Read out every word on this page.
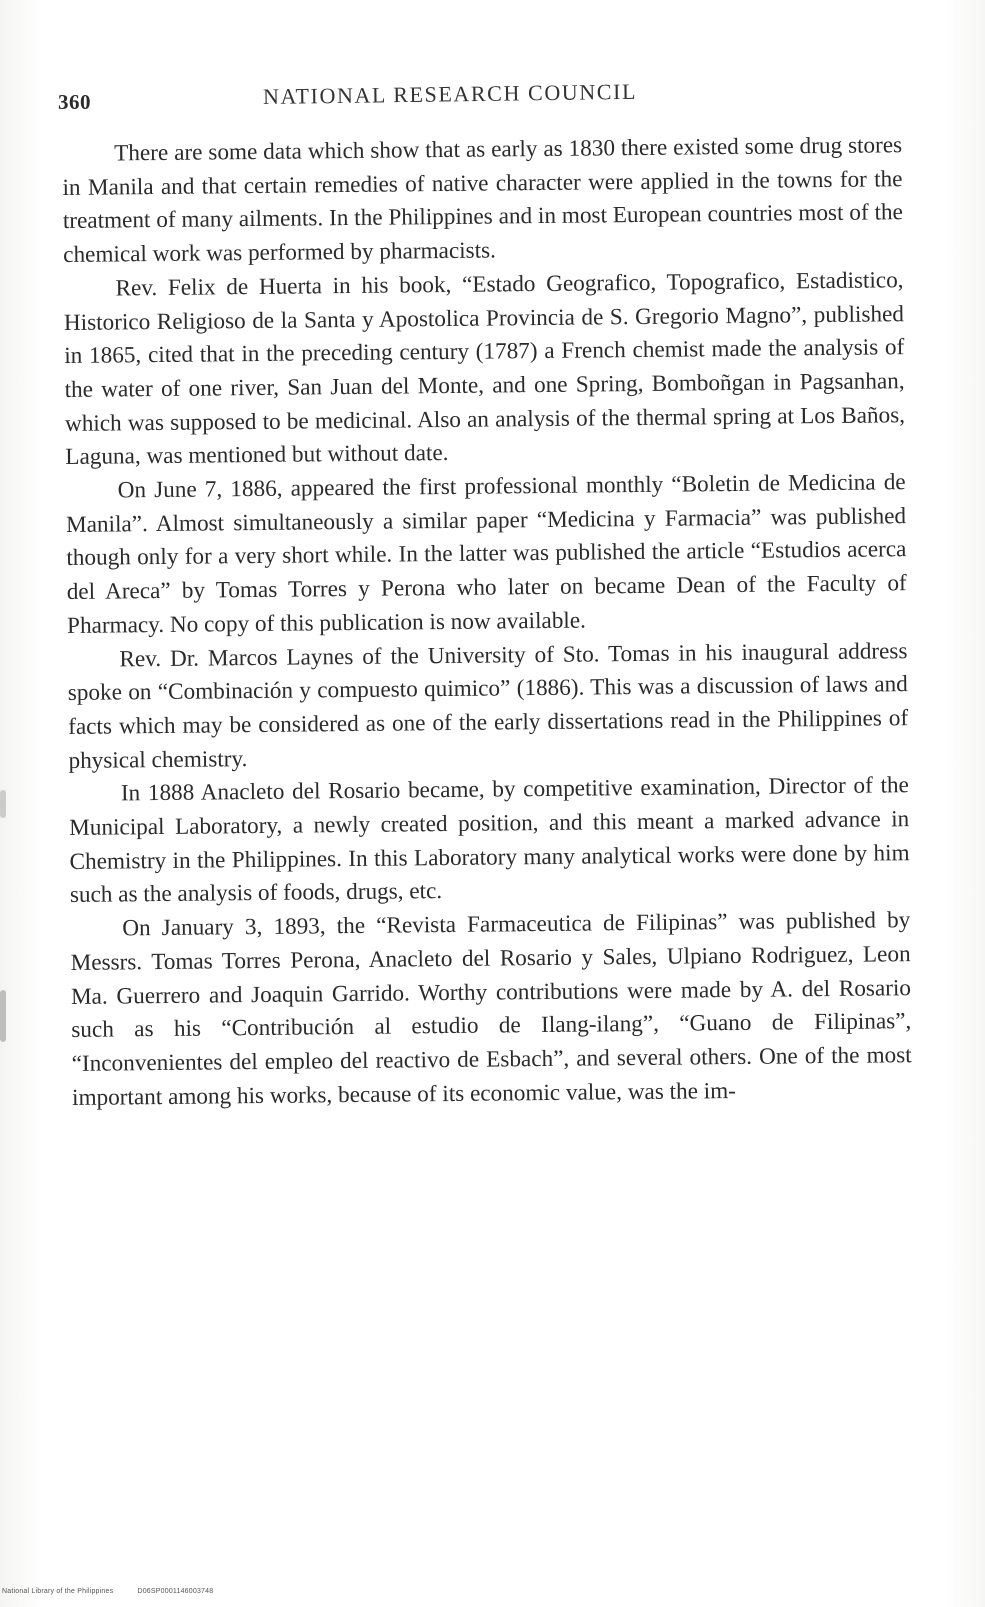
360	NATIONAL RESEARCH COUNCIL

There are some data which show that as early as 1830 there existed some drug stores in Manila and that certain remedies of native character were applied in the towns for the treatment of many ailments. In the Philippines and in most European countries most of the chemical work was performed by pharmacists.

Rev. Felix de Huerta in his book, “Estado Geografico, Topografico, Estadistico, Historico Religioso de la Santa y Apostolica Provincia de S. Gregorio Magno”, published in 1865, cited that in the preceding century (1787) a French chemist made the analysis of the water of one river, San Juan del Monte, and one Spring, Bomboñgan in Pagsanhan, which was supposed to be medicinal. Also an analysis of the thermal spring at Los Baños, Laguna, was mentioned but without date.

On June 7, 1886, appeared the first professional monthly “Boletin de Medicina de Manila”. Almost simultaneously a similar paper “Medicina y Farmacia” was published though only for a very short while. In the latter was published the article “Estudios acerca del Areca” by Tomas Torres y Perona who later on became Dean of the Faculty of Pharmacy. No copy of this publication is now available.

Rev. Dr. Marcos Laynes of the University of Sto. Tomas in his inaugural address spoke on “Combinación y compuesto quimico” (1886). This was a discussion of laws and facts which may be considered as one of the early dissertations read in the Philippines of physical chemistry.

In 1888 Anacleto del Rosario became, by competitive examination, Director of the Municipal Laboratory, a newly created position, and this meant a marked advance in Chemistry in the Philippines. In this Laboratory many analytical works were done by him such as the analysis of foods, drugs, etc.

On January 3, 1893, the “Revista Farmaceutica de Filipinas” was published by Messrs. Tomas Torres Perona, Anacleto del Rosario y Sales, Ulpiano Rodriguez, Leon Ma. Guerrero and Joaquin Garrido. Worthy contributions were made by A. del Rosario such as his “Contribución al estudio de Ilang-ilang”, “Guano de Filipinas”, “Inconvenientes del empleo del reactivo de Esbach”, and several others. One of the most important among his works, because of its economic value, was the im-

National Library of the Philippines	D06SP0001146003748
